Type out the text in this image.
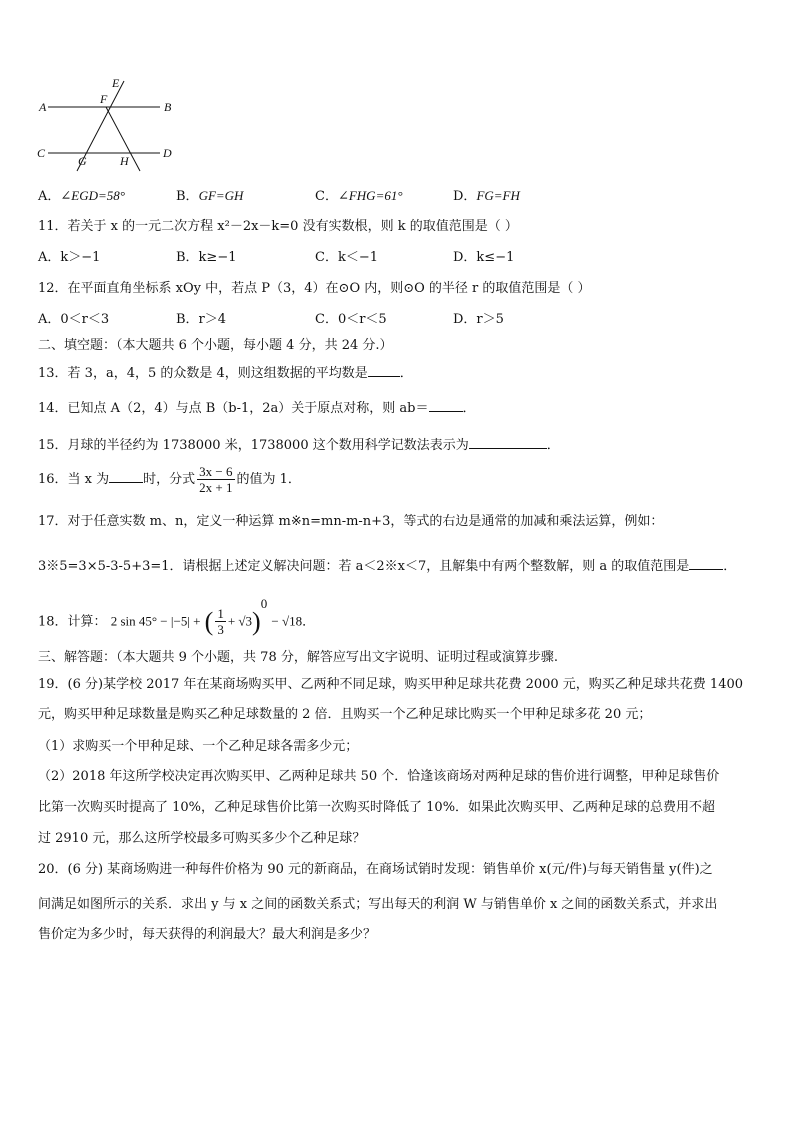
A	B
C	D
E
F
G	H
A．∠EGD=58°	B．GF=GH	C．∠FHG=61°	D．FG=FH
11．若关于 x 的一元二次方程 x²－2x－k=0 没有实数根，则 k 的取值范围是（ ）
A．k＞−1	B．k≥−1	C．k＜−1	D．k≤−1
12．在平面直角坐标系 xOy 中，若点 P（3，4）在⊙O 内，则⊙O 的半径 r 的取值范围是（ ）
A．0＜r＜3	B．r＞4	C．0＜r＜5	D．r＞5
二、填空题：（本大题共 6 个小题，每小题 4 分，共 24 分.）
13．若 3，a，4，5 的众数是 4，则这组数据的平均数是 ．
14．已知点 A（2，4）与点 B（b-1，2a）关于原点对称，则 ab＝	．
15．月球的半径约为 1738000 米，1738000 这个数用科学记数法表示为	．
16．当 x 为	时，分式 $\frac{3x - 6}{2x + 1}$ 的值为 1．
17．对于任意实数 m、n，定义一种运算 m※n=mn-m-n+3，等式的右边是通常的加减和乘法运算，例如：
3※5=3×5-3-5+3=1．请根据上述定义解决问题：若 a＜2※x＜7，且解集中有两个整数解，则 a 的取值范围是	．
18．计算： 2 sin 45° − |−5| + ( $\frac{1}{3} + √3)^0 - √18$．
三、解答题：（本大题共 9 个小题，共 78 分，解答应写出文字说明、证明过程或演算步骤.
19．(6 分)某学校 2017 年在某商场购买甲、乙两种不同足球，购买甲种足球共花费 2000 元，购买乙种足球共花费 1400
元，购买甲种足球数量是购买乙种足球数量的 2 倍．且购买一个乙种足球比购买一个甲种足球多花 20 元；
（1）求购买一个甲种足球、一个乙种足球各需多少元；
（2）2018 年这所学校决定再次购买甲、乙两种足球共 50 个．恰逢该商场对两种足球的售价进行调整，甲种足球售价
比第一次购买时提高了 10%，乙种足球售价比第一次购买时降低了 10%．如果此次购买甲、乙两种足球的总费用不超
过 2910 元，那么这所学校最多可购买多少个乙种足球？
20．(6 分) 某商场购进一种每件价格为 90 元的新商品，在商场试销时发现：销售单价 x(元/件)与每天销售量 y(件)之
间满足如图所示的关系．求出 y 与 x 之间的函数关系式；写出每天的利润 W 与销售单价 x 之间的函数关系式，并求出
售价定为多少时，每天获得的利润最大？最大利润是多少？
